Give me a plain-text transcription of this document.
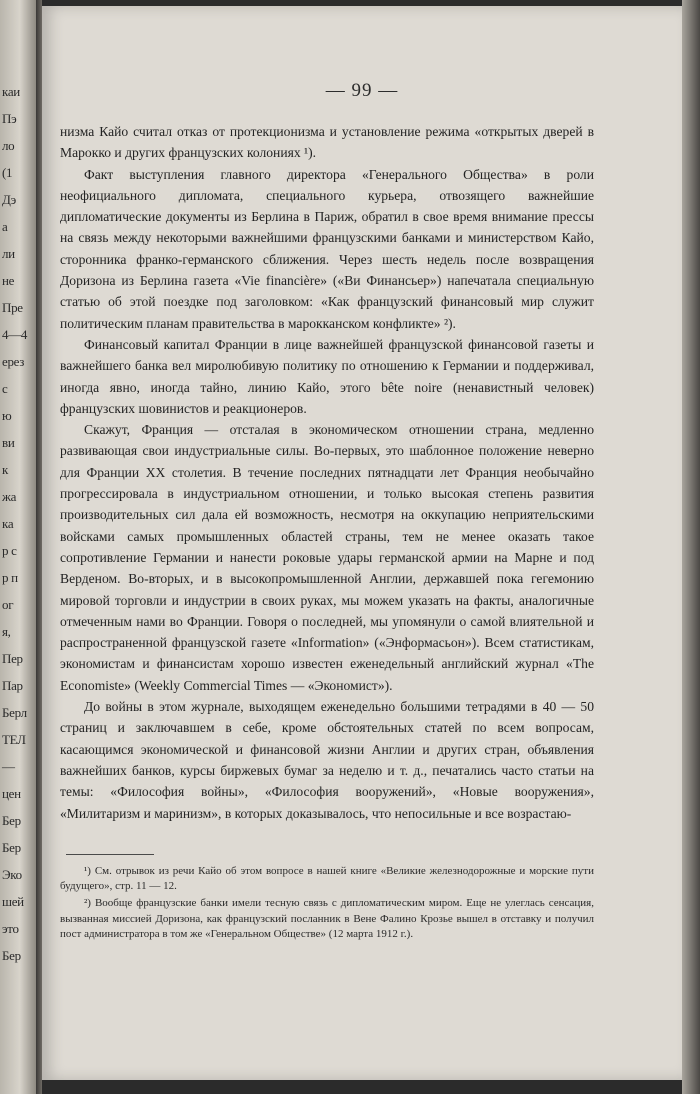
каи
Пэ
ло
(1
Дэ
а
ли
не
Пре
4—4
ерез
с
ю
ви
к
жа
ка
р с
р п
ог
я,
Пер
Пар
Берл
ТЕЛ
—
цен
Бер
Бер
Эко
шей
это
Бер
— 99 —

низма Кайо считал отказ от протекционизма и установление режима «открытых дверей в Марокко и других французских колониях ¹).

Факт выступления главного директора «Генерального Общества» в роли неофициального дипломата, специального курьера, отвозящего важнейшие дипломатические документы из Берлина в Париж, обратил в свое время внимание прессы на связь между некоторыми важнейшими французскими банками и министерством Кайо, сторонника франко-германского сближения. Через шесть недель после возвращения Доризона из Берлина газета «Vie financière» («Ви Финансьер») напечатала специальную статью об этой поездке под заголовком: «Как французский финансовый мир служит политическим планам правительства в марокканском конфликте» ²).

Финансовый капитал Франции в лице важнейшей французской финансовой газеты и важнейшего банка вел миролюбивую политику по отношению к Германии и поддерживал, иногда явно, иногда тайно, линию Кайо, этого bête noire (ненавистный человек) французских шовинистов и реакционеров.

Скажут, Франция — отсталая в экономическом отношении страна, медленно развивающая свои индустриальные силы. Во-первых, это шаблонное положение неверно для Франции XX столетия. В течение последних пятнадцати лет Франция необычайно прогрессировала в индустриальном отношении, и только высокая степень развития производительных сил дала ей возможность, несмотря на оккупацию неприятельскими войсками самых промышленных областей страны, тем не менее оказать такое сопротивление Германии и нанести роковые удары германской армии на Марне и под Верденом. Во-вторых, и в высокопромышленной Англии, державшей пока гегемонию мировой торговли и индустрии в своих руках, мы можем указать на факты, аналогичные отмеченным нами во Франции. Говоря о последней, мы упомянули о самой влиятельной и распространенной французской газете «Information» («Энформасьон»). Всем статистикам, экономистам и финансистам хорошо известен еженедельный английский журнал «The Economiste» (Weekly Commercial Times — «Экономист»).

До войны в этом журнале, выходящем еженедельно большими тетрадями в 40 — 50 страниц и заключавшем в себе, кроме обстоятельных статей по всем вопросам, касающимся экономической и финансовой жизни Англии и других стран, объявления важнейших банков, курсы биржевых бумаг за неделю и т. д., печатались часто статьи на темы: «Философия войны», «Философия вооружений», «Новые вооружения», «Милитаризм и маринизм», в которых доказывалось, что непосильные и все возрастаю-

¹) См. отрывок из речи Кайо об этом вопросе в нашей книге «Великие железнодорожные и морские пути будущего», стр. 11 — 12.

²) Вообще французские банки имели тесную связь с дипломатическим миром. Еще не улеглась сенсация, вызванная миссией Доризона, как французский посланник в Вене Фалино Крозье вышел в отставку и получил пост администратора в том же «Генеральном Обществе» (12 марта 1912 г.).
